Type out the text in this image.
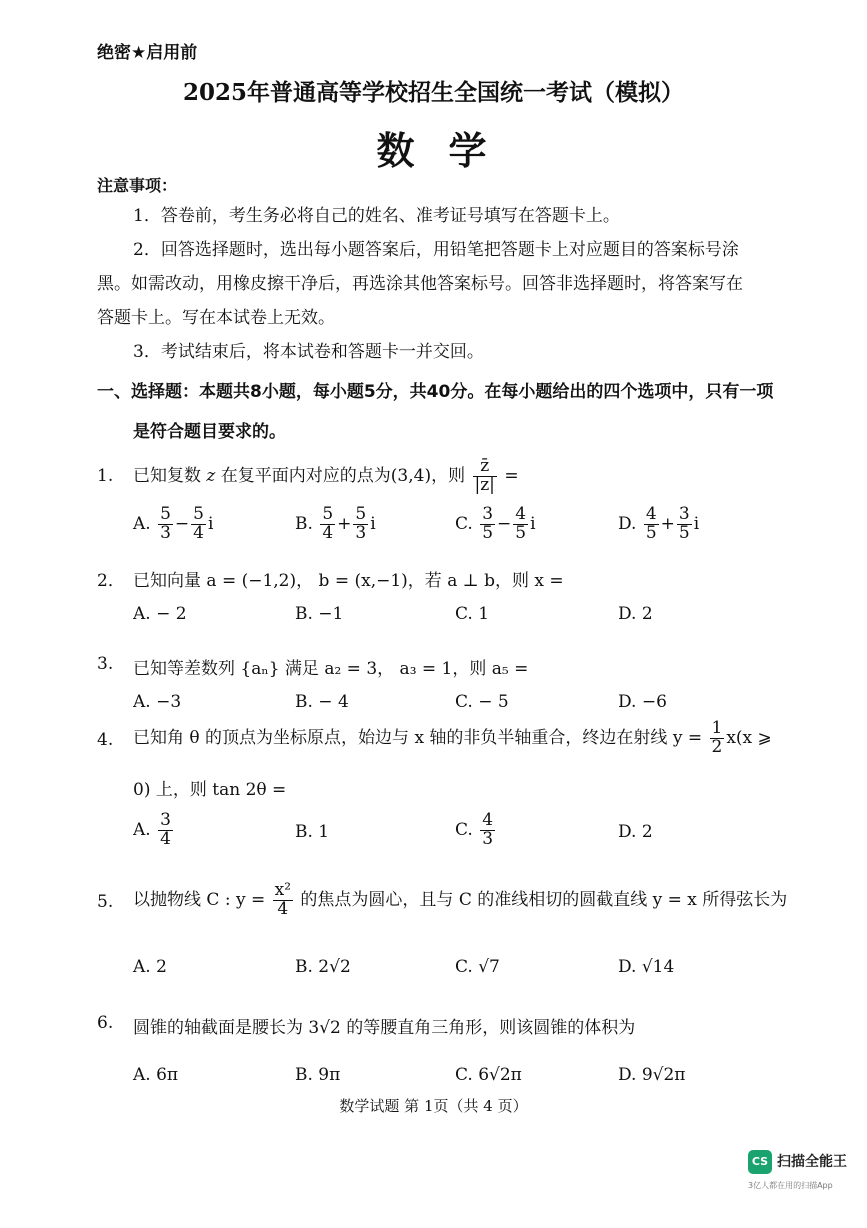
绝密★启用前
2025年普通高等学校招生全国统一考试（模拟）
数学
注意事项：
1．答卷前，考生务必将自己的姓名、准考证号填写在答题卡上。
2．回答选择题时，选出每小题答案后，用铅笔把答题卡上对应题目的答案标号涂
黑。如需改动，用橡皮擦干净后，再选涂其他答案标号。回答非选择题时，将答案写在
答题卡上。写在本试卷上无效。
3．考试结束后，将本试卷和答题卡一并交回。
一、选择题：本题共8小题，每小题5分，共40分。在每小题给出的四个选项中，只有一项
是符合题目要求的。
1. 已知复数 z 在复平面内对应的点为(3,4)，则 $\frac{z̄}{|z|}$ =
A. $\frac{5}{3} - \frac{5}{4}$ i	B. $\frac{5}{4} + \frac{5}{3}$ i	C. $\frac{3}{5} - \frac{4}{5}$ i	D. $\frac{4}{5} + \frac{3}{5}$ i
2． 已知向量 a = (−1,2)， b = (x,−1)，若 a ⊥ b，则 x =
A. − 2	B. −1	C. 1	D. 2
3. 已知等差数列 {aₙ} 满足 a₂ = 3， a₃ = 1，则 a₅ =
A. −3	B. − 4	C. − 5	D. −6
4. 已知角 θ 的顶点为坐标原点，始边与 x 轴的非负半轴重合，终边在射线 $y = \frac{1}{2} x(x$ ⩾
0) 上，则 tan 2θ =
A. $\frac{3}{4}$	B. 1	C. $\frac{4}{3}$	D. 2
5. 以抛物线 C : $y = \frac{\text{x²}}{4}$ 的焦点为圆心，且与 C 的准线相切的圆截直线 y = x 所得弦长为
A. 2	B. 2√2	C. √7	D. √14
6. 圆锥的轴截面是腰长为 3√2 的等腰直角三角形，则该圆锥的体积为
A. 6π	B. 9π	C. 6√2π	D. 9√2π
数学试题 第 1页（共 4 页）
CS 扫描全能王
3亿人都在用的扫描App
